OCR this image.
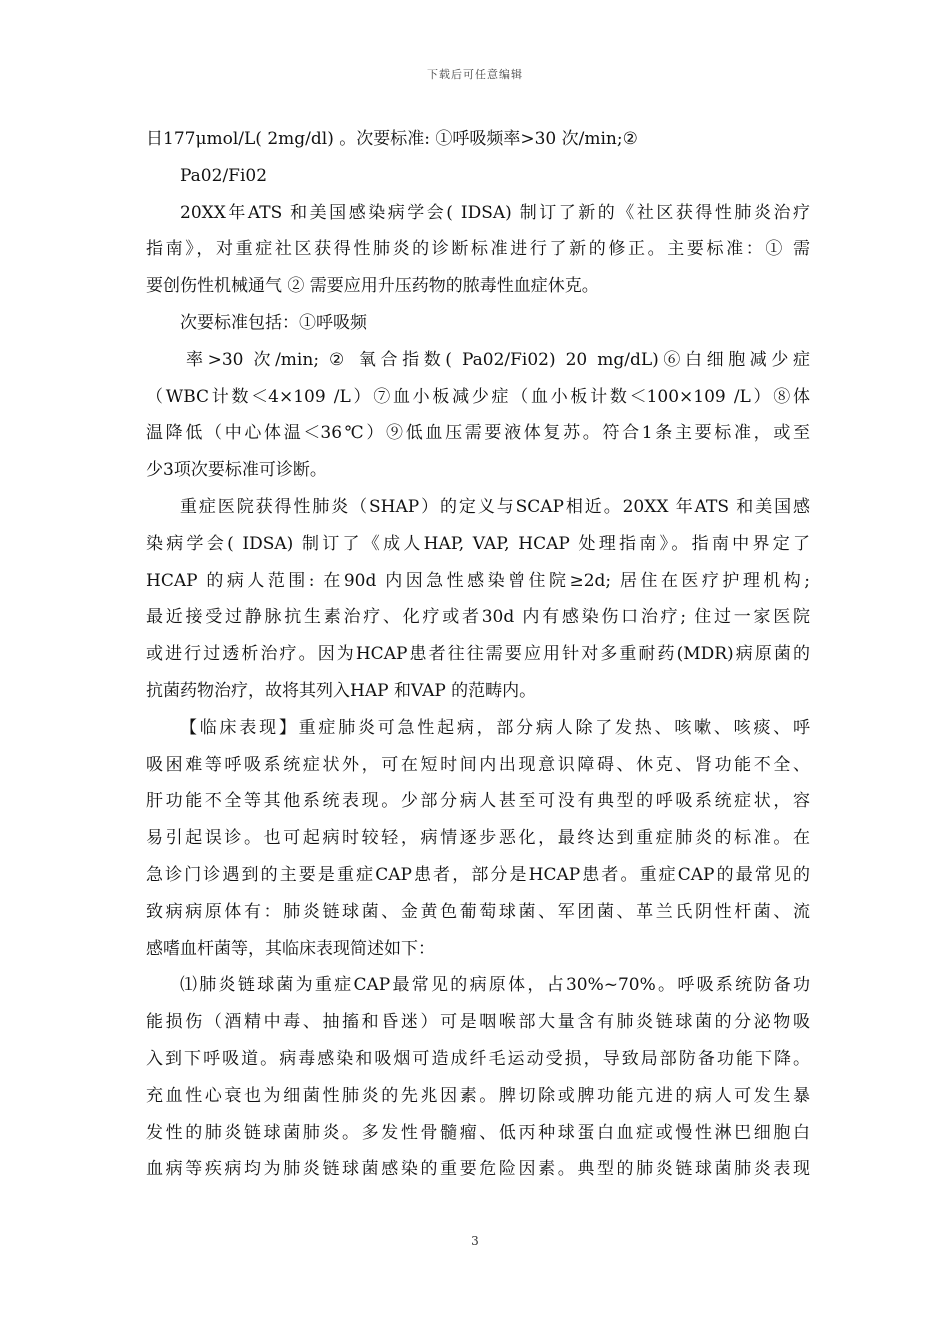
下载后可任意编辑
日177μmol/L( 2mg/dl) 。次要标准: ①呼吸频率>30 次/min;②
Pa02/Fi02
20XX年ATS 和美国感染病学会( IDSA) 制订了新的《社区获得性肺炎治疗
指南》，对重症社区获得性肺炎的诊断标准进行了新的修正。主要标准：① 需
要创伤性机械通气 ② 需要应用升压药物的脓毒性血症休克。
次要标准包括：①呼吸频
率>30 次/min; ② 氧合指数( Pa02/Fi02) 20 mg/dL)⑥白细胞减少症
（WBC计数＜4×109 /L）⑦血小板减少症（血小板计数＜100×109 /L）⑧体
温降低（中心体温＜36℃）⑨低血压需要液体复苏。符合1条主要标准，或至
少3项次要标准可诊断。
重症医院获得性肺炎（SHAP）的定义与SCAP相近。20XX 年ATS 和美国感
染病学会( IDSA) 制订了《成人HAP, VAP, HCAP 处理指南》。指南中界定了
HCAP 的病人范围: 在90d 内因急性感染曾住院≥2d; 居住在医疗护理机构;
最近接受过静脉抗生素治疗、化疗或者30d 内有感染伤口治疗; 住过一家医院
或进行过透析治疗。因为HCAP患者往往需要应用针对多重耐药(MDR)病原菌的
抗菌药物治疗，故将其列入HAP 和VAP 的范畴内。
【临床表现】重症肺炎可急性起病，部分病人除了发热、咳嗽、咳痰、呼
吸困难等呼吸系统症状外，可在短时间内出现意识障碍、休克、肾功能不全、
肝功能不全等其他系统表现。少部分病人甚至可没有典型的呼吸系统症状，容
易引起误诊。也可起病时较轻，病情逐步恶化，最终达到重症肺炎的标准。在
急诊门诊遇到的主要是重症CAP患者，部分是HCAP患者。重症CAP的最常见的
致病病原体有：肺炎链球菌、金黄色葡萄球菌、军团菌、革兰氏阴性杆菌、流
感嗜血杆菌等，其临床表现简述如下：
⑴肺炎链球菌为重症CAP最常见的病原体，占30%~70%。呼吸系统防备功
能损伤（酒精中毒、抽搐和昏迷）可是咽喉部大量含有肺炎链球菌的分泌物吸
入到下呼吸道。病毒感染和吸烟可造成纤毛运动受损，导致局部防备功能下降。
充血性心衰也为细菌性肺炎的先兆因素。脾切除或脾功能亢进的病人可发生暴
发性的肺炎链球菌肺炎。多发性骨髓瘤、低丙种球蛋白血症或慢性淋巴细胞白
血病等疾病均为肺炎链球菌感染的重要危险因素。典型的肺炎链球菌肺炎表现
3
